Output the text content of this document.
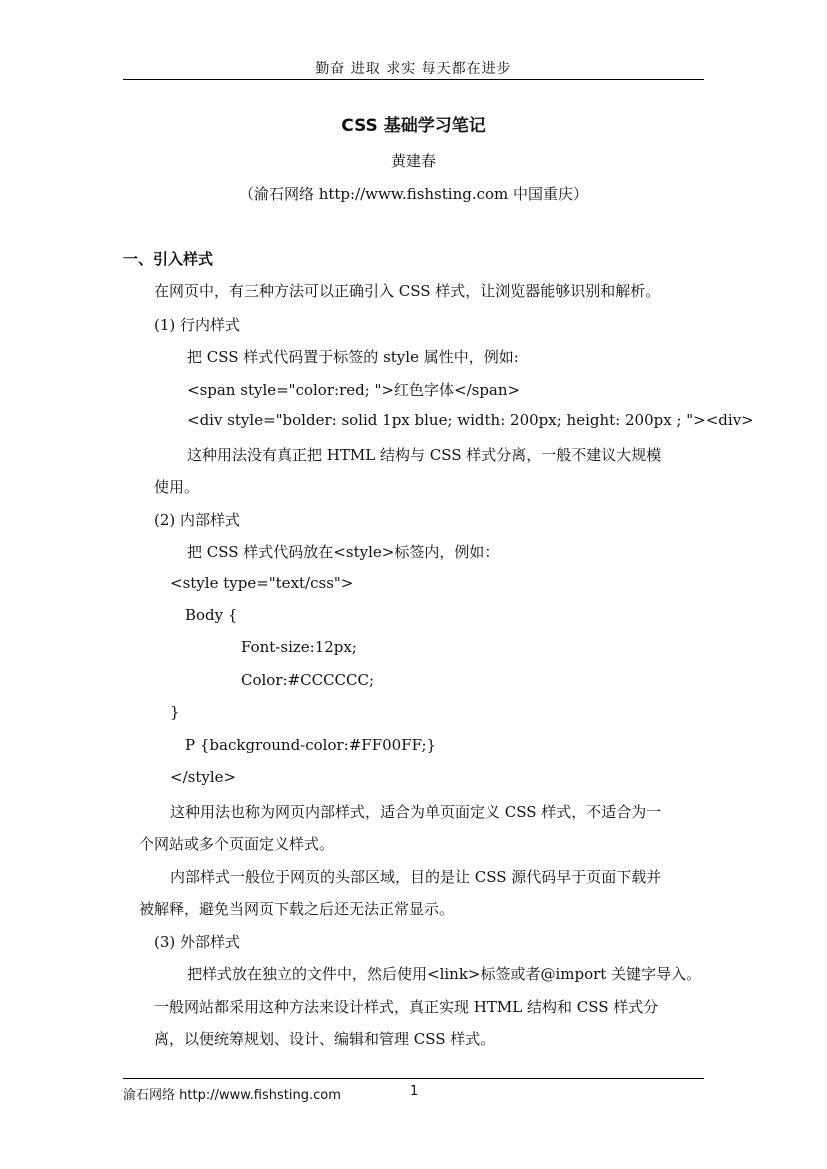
勤奋 进取 求实 每天都在进步
CSS 基础学习笔记
黄建春
（渝石网络 http://www.fishsting.com 中国重庆）
一、引入样式
在网页中，有三种方法可以正确引入 CSS 样式，让浏览器能够识别和解析。
(1) 行内样式
把 CSS 样式代码置于标签的 style 属性中，例如:
<span style="color:red; ">红色字体</span>
<div style="bolder: solid 1px blue; width: 200px; height: 200px ; "><div>
这种用法没有真正把 HTML 结构与 CSS 样式分离，一般不建议大规模
使用。
(2) 内部样式
把 CSS 样式代码放在<style>标签内，例如：
<style type="text/css">
Body {
Font-size:12px;
Color:#CCCCCC;
}
P {background-color:#FF00FF;}
</style>
这种用法也称为网页内部样式，适合为单页面定义 CSS 样式，不适合为一
个网站或多个页面定义样式。
内部样式一般位于网页的头部区域，目的是让 CSS 源代码早于页面下载并
被解释，避免当网页下载之后还无法正常显示。
(3) 外部样式
把样式放在独立的文件中，然后使用<link>标签或者@import 关键字导入。
一般网站都采用这种方法来设计样式，真正实现 HTML 结构和 CSS 样式分
离，以便统筹规划、设计、编辑和管理 CSS 样式。
渝石网络 http://www.fishsting.com	1
